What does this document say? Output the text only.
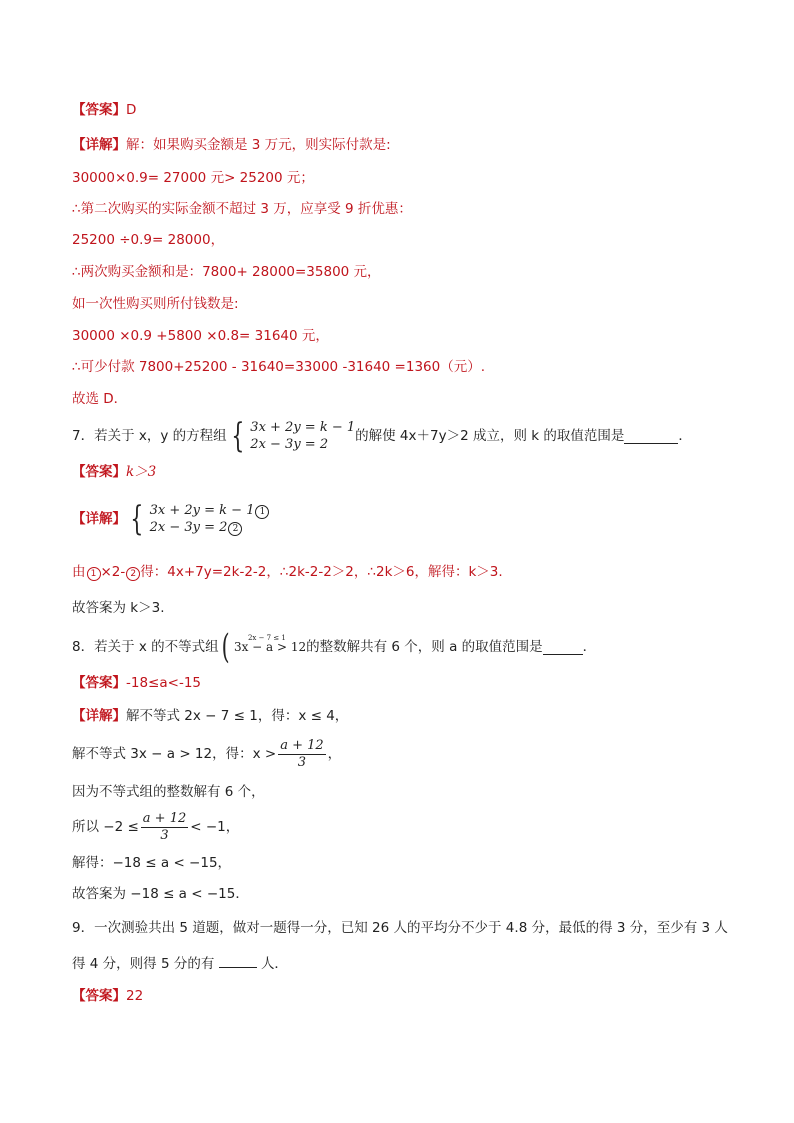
【答案】D
【详解】解：如果购买金额是 3 万元，则实际付款是:
30000×0.9= 27000 元> 25200 元；
∴第二次购买的实际金额不超过 3 万，应享受 9 折优惠：
25200 ÷0.9= 28000，
∴两次购买金额和是：7800+ 28000=35800 元，
如一次性购买则所付钱数是:
30000 ×0.9 +5800 ×0.8= 31640 元，
∴可少付款 7800+25200 - 31640=33000 -31640 =1360（元）.
故选 D．
7．若关于 x，y 的方程组 { 3x + 2y = k − 1
2x − 3y = 2
的解使 4x＋7y＞2 成立，则 k 的取值范围是	．
【答案】k＞3
【详解】 { 3x + 2y = k − 1 1
2x − 3y = 2 2
由 1 ×2- 2 得：4x+7y=2k-2-2，∴2k-2-2＞2，∴2k＞6，解得：k＞3.
故答案为 k＞3.
8．若关于 x 的不等式组 (	2x − 7 ≤ 1
3x − a > 12 的整数解共有 6 个，则 a 的取值范围是	．
【答案】-18≤a<-15
【详解】解不等式 2x − 7 ≤ 1，得：x ≤ 4，
解不等式 3x − a > 12，得：$x > \frac{a + 12}{3}$ ，
因为不等式组的整数解有 6 个，
所以 $-2 \le \frac{a + 12}{3} < -1$，
解得：−18 ≤ a < −15，
故答案为 −18 ≤ a < −15．
9．一次测验共出 5 道题，做对一题得一分，已知 26 人的平均分不少于 4.8 分，最低的得 3 分，至少有 3 人
得 4 分，则得 5 分的有	人．
【答案】22
